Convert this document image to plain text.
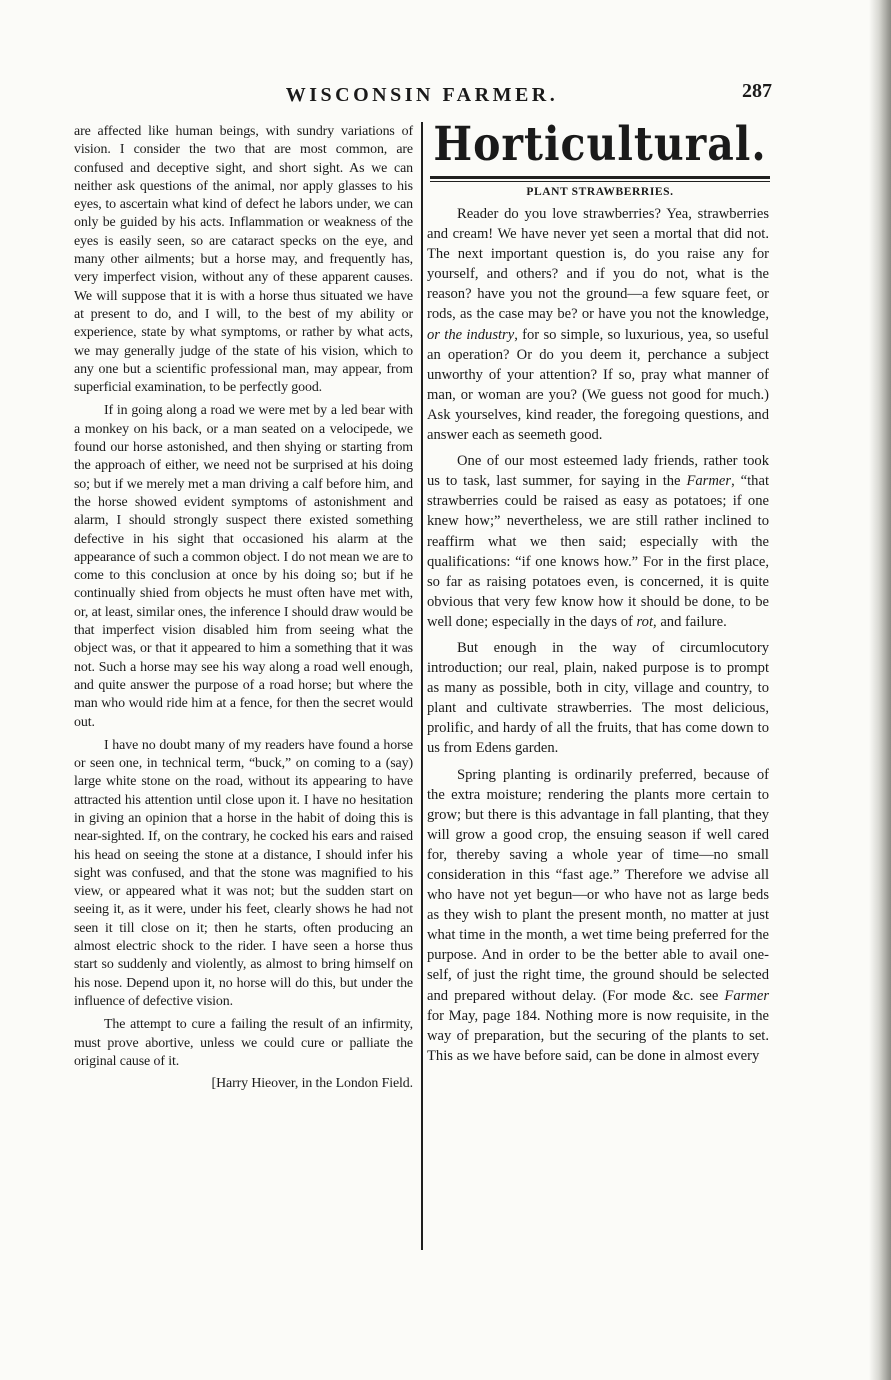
WISCONSIN FARMER.	287

are affected like human beings, with sundry variations of vision. I consider the two that are most common, are confused and deceptive sight, and short sight. As we can neither ask questions of the animal, nor apply glasses to his eyes, to ascertain what kind of defect he labors under, we can only be guided by his acts. Inflammation or weakness of the eyes is easily seen, so are cataract specks on the eye, and many other ailments; but a horse may, and frequently has, very imperfect vision, without any of these apparent causes. We will suppose that it is with a horse thus situated we have at present to do, and I will, to the best of my ability or experience, state by what symptoms, or rather by what acts, we may generally judge of the state of his vision, which to any one but a scientific professional man, may appear, from superficial examination, to be perfectly good.

If in going along a road we were met by a led bear with a monkey on his back, or a man seated on a velocipede, we found our horse astonished, and then shying or starting from the approach of either, we need not be surprised at his doing so; but if we merely met a man driving a calf before him, and the horse showed evident symptoms of astonishment and alarm, I should strongly suspect there existed something defective in his sight that occasioned his alarm at the appearance of such a common object. I do not mean we are to come to this conclusion at once by his doing so; but if he continually shied from objects he must often have met with, or, at least, similar ones, the inference I should draw would be that imperfect vision disabled him from seeing what the object was, or that it appeared to him a something that it was not. Such a horse may see his way along a road well enough, and quite answer the purpose of a road horse; but where the man who would ride him at a fence, for then the secret would out.

I have no doubt many of my readers have found a horse or seen one, in technical term, “buck,” on coming to a (say) large white stone on the road, without its appearing to have attracted his attention until close upon it. I have no hesitation in giving an opinion that a horse in the habit of doing this is near-sighted. If, on the contrary, he cocked his ears and raised his head on seeing the stone at a distance, I should infer his sight was confused, and that the stone was magnified to his view, or appeared what it was not; but the sudden start on seeing it, as it were, under his feet, clearly shows he had not seen it till close on it; then he starts, often producing an almost electric shock to the rider. I have seen a horse thus start so suddenly and violently, as almost to bring himself on his nose. Depend upon it, no horse will do this, but under the influence of defective vision.

The attempt to cure a failing the result of an infirmity, must prove abortive, unless we could cure or palliate the original cause of it.

[Harry Hieover, in the London Field.

Horticultural.
PLANT STRAWBERRIES.

Reader do you love strawberries? Yea, strawberries and cream! We have never yet seen a mortal that did not. The next important question is, do you raise any for yourself, and others? and if you do not, what is the reason? have you not the ground—a few square feet, or rods, as the case may be? or have you not the knowledge, or the industry, for so simple, so luxurious, yea, so useful an operation? Or do you deem it, perchance a subject unworthy of your attention? If so, pray what manner of man, or woman are you? (We guess not good for much.) Ask yourselves, kind reader, the foregoing questions, and answer each as seemeth good.

One of our most esteemed lady friends, rather took us to task, last summer, for saying in the Farmer, “that strawberries could be raised as easy as potatoes; if one knew how;” nevertheless, we are still rather inclined to reaffirm what we then said; especially with the qualifications: “if one knows how.” For in the first place, so far as raising potatoes even, is concerned, it is quite obvious that very few know how it should be done, to be well done; especially in the days of rot, and failure.

But enough in the way of circumlocutory introduction; our real, plain, naked purpose is to prompt as many as possible, both in city, village and country, to plant and cultivate strawberries. The most delicious, prolific, and hardy of all the fruits, that has come down to us from Edens garden.

Spring planting is ordinarily preferred, because of the extra moisture; rendering the plants more certain to grow; but there is this advantage in fall planting, that they will grow a good crop, the ensuing season if well cared for, thereby saving a whole year of time—no small consideration in this “fast age.” Therefore we advise all who have not yet begun—or who have not as large beds as they wish to plant the present month, no matter at just what time in the month, a wet time being preferred for the purpose. And in order to be the better able to avail one-self, of just the right time, the ground should be selected and prepared without delay. (For mode &c. see Farmer for May, page 184. Nothing more is now requisite, in the way of preparation, but the securing of the plants to set. This as we have before said, can be done in almost every
